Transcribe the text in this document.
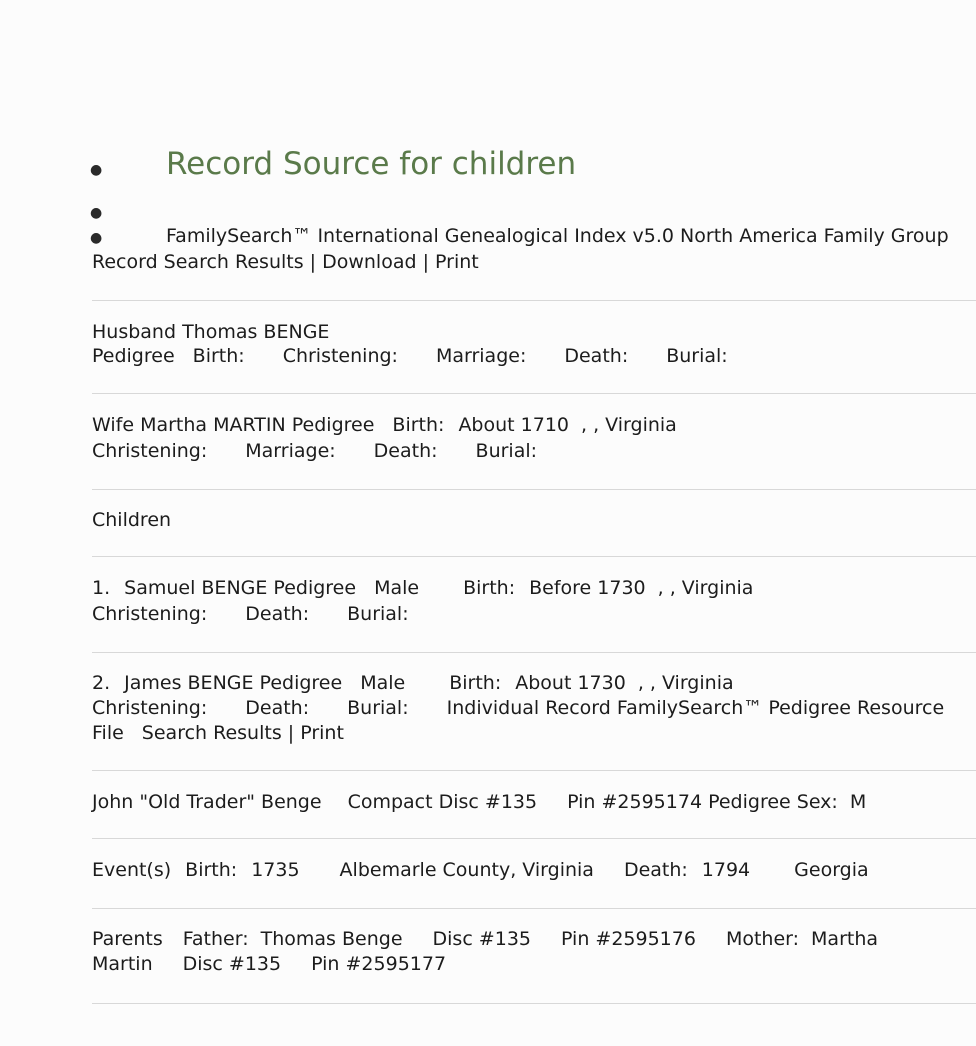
●
●
●
Record Source for children
FamilySearch™ International Genealogical Index v5.0 North America Family Group
Record Search Results | Download | Print
Husband Thomas BENGE
Pedigree Birth: Christening: Marriage: Death: Burial:
Wife Martha MARTIN Pedigree Birth: About 1710 , , Virginia
Christening: Marriage: Death: Burial:
Children
1. Samuel BENGE Pedigree Male Birth: Before 1730 , , Virginia
Christening: Death: Burial:
2. James BENGE Pedigree Male Birth: About 1730 , , Virginia
Christening: Death: Burial: Individual Record FamilySearch™ Pedigree Resource
File Search Results | Print
John "Old Trader" Benge Compact Disc #135 Pin #2595174 Pedigree Sex: M
Event(s) Birth: 1735 Albemarle County, Virginia Death: 1794 Georgia
Parents Father: Thomas Benge Disc #135 Pin #2595176 Mother: Martha
Martin Disc #135 Pin #2595177
